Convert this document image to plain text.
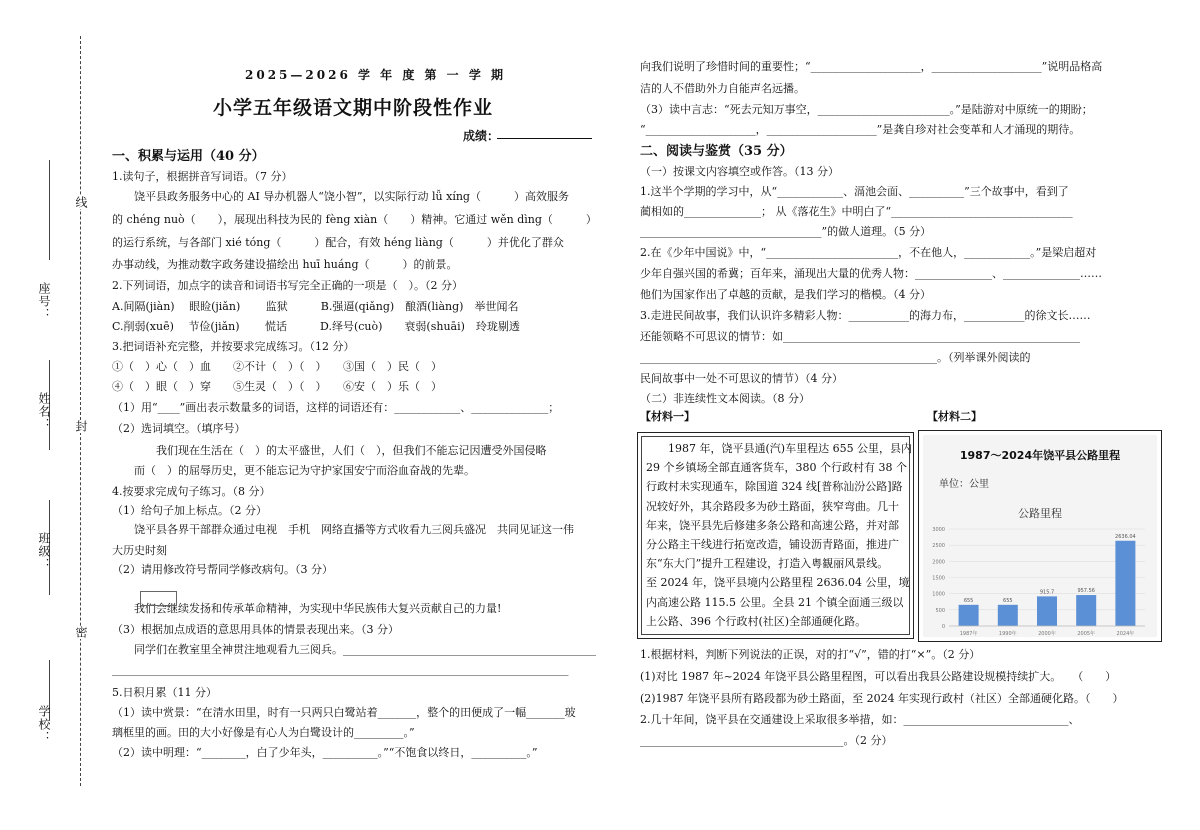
座号：
姓名：
班级：
学校：
线
封
密
2025—2026 学 年 度 第 一 学 期
小学五年级语文期中阶段性作业
成绩：
一、积累与运用（40 分）
1.读句子，根据拼音写词语。（7 分）
　　饶平县政务服务中心的 AI 导办机器人“饶小智”，以实际行动 lǚ xíng（　　　）高效服务
的 chéng nuò（　　），展现出科技为民的 fèng xiàn（　　）精神。它通过 wěn dìng（　　　）
的运行系统，与各部门 xié tóng（　　　）配合，有效 héng liàng（　　　）并优化了群众
办事动线，为推动数字政务建设描绘出 huī huáng（　　　）的前景。
2.下列词语，加点字的读音和词语书写完全正确的一项是（　）。（2 分）
A.间隔(jiàn)　 眼睑(jiǎn)　　 监狱　　　B.强逼(qiǎng)　酿酒(liàng)　举世闻名
C.削弱(xuē)　 节俭(jiǎn)　　 慌话　　　D.绎号(cuò)　　衰弱(shuāi)　玲珑剔透
3.把词语补充完整，并按要求完成练习。（12 分）
①（　）心（　）血　　②不计（　）（　）　　③国（　）民（　）
④（　）眼（　）穿　　⑤生灵（　）（　）　　⑥安（　）乐（　）
（1）用“____”画出表示数量多的词语，这样的词语还有：____________、______________；
（2）选词填空。（填序号）
　　　　我们现在生活在（　）的太平盛世，人们（　），但我们不能忘记因遭受外国侵略
　　而（　）的屈辱历史，更不能忘记为守护家国安宁而浴血奋战的先辈。
4.按要求完成句子练习。（8 分）
（1）给句子加上标点。（2 分）
　　饶平县各界干部群众通过电视　手机　网络直播等方式收看九三阅兵盛况　共同见证这一伟
大历史时刻
（2）请用修改符号帮同学修改病句。（3 分）
　　我们会继续发扬和传承革命精神，为实现中华民族伟大复兴贡献自己的力量!
（3）根据加点成语的意思用具体的情景表现出来。（3 分）
　　同学们在教室里全神贯注地观看九三阅兵。______________________________________________
___________________________________________________________________________________
5.日积月累（11 分）
（1）读中赏景：“在清水田里，时有一只两只白鹭站着_______，整个的田便成了一幅_______玻
璃框里的画。田的大小好像是有心人为白鹭设计的_________。”
（2）读中明理：“________，白了少年头，__________。”“不饱食以终日，__________。”
向我们说明了珍惜时间的重要性；“____________________，____________________”说明品格高
洁的人不借助外力自能声名远播。
（3）读中言志：“死去元知万事空，________________________。”是陆游对中原统一的期盼；
“____________________，____________________”是龚自珍对社会变革和人才涌现的期待。
二、阅读与鉴赏（35 分）
（一）按课文内容填空或作答。（13 分）
1.这半个学期的学习中，从“____________、滆池会面、__________”三个故事中，看到了
蔺相如的______________； 从《落花生》中明白了“_________________________________
_________________________________”的做人道理。（5 分）
2.在《少年中国说》中，“________________________，不在他人，____________。”是梁启超对
少年自强兴国的希冀；百年来，涌现出大量的优秀人物：______________、______________……
他们为国家作出了卓越的贡献，是我们学习的楷模。（4 分）
3.走进民间故事，我们认识许多精彩人物：___________的海力布，___________的徐文长……
还能领略不可思议的情节：如______________________________________________________
______________________________________________________。（列举课外阅读的
民间故事中一处不可思议的情节）（4 分）
（二）非连续性文本阅读。（8 分）
【材料一】	【材料二】
　　1987 年，饶平县通(汽)车里程达 655 公里，县内
29 个乡镇场全部直通客货车，380 个行政村有 38 个
行政村未实现通车，除国道 324 线[普称汕汾公路]路
况较好外，其余路段多为砂土路面，狭窄弯曲。几十
年来，饶平县先后修建多条公路和高速公路，并对部
分公路主干线进行拓宽改造，铺设沥青路面，推进广
东“东大门”提升工程建设，打造入粤観丽风景线。
至 2024 年，饶平县境内公路里程 2636.04 公里，境
内高速公路 115.5 公里。全县 21 个镇全面通三级以
上公路、396 个行政村(社区)全部通硬化路。
1987～2024年饶平县公路里程
单位：公里
公路里程
0
500
1000
1500
2000
2500
3000
655
1987年
655
1990年
915.7
2000年
957.56
2005年
2636.04
2024年
1.根据材料，判断下列说法的正误，对的打“√”，错的打“×”。（2 分）
(1)对比 1987 年~2024 年饶平县公路里程图，可以看出我县公路建设规模持续扩大。　　（　　）
(2)1987 年饶平县所有路段都为砂土路面，至 2024 年实现行政村（社区）全部通硬化路。（　　）
2.几十年间，饶平县在交通建设上采取很多举措，如：______________________________、
_____________________________________。（2 分）
